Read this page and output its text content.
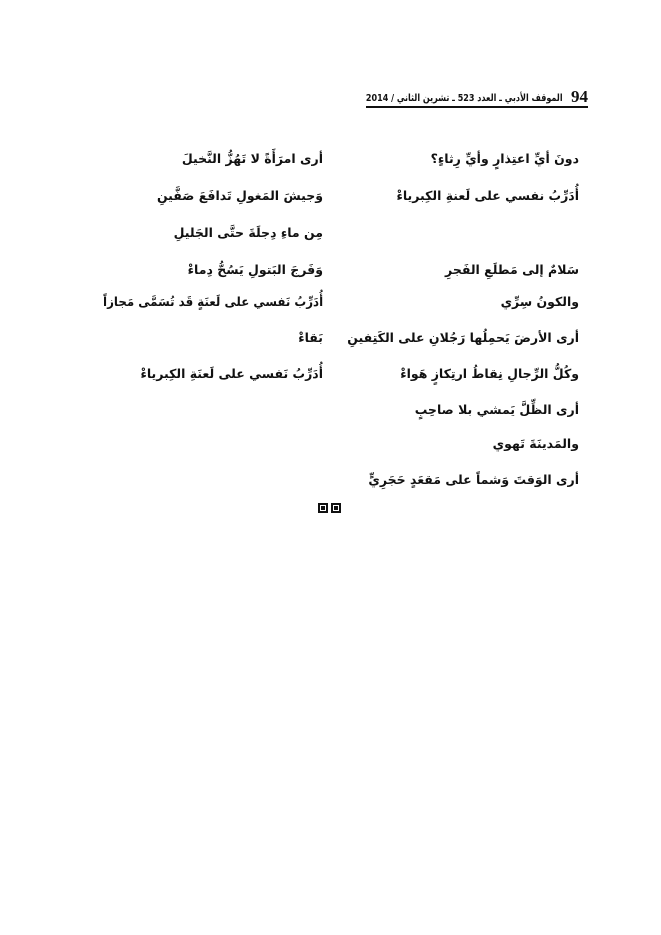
94
الموقف الأدبي ـ العدد 523 ـ تشرين الثاني / 2014
دونَ أيِّ اعتِذارٍ وأيِّ رِثاءٍ؟
أُدَرِّبُ نفسي على لَعنةِ الكِبرياءْ
سَلامٌ إلى مَطلَعِ الفَجرِ
والكونُ سِرِّي
أرى الأرضَ يَحمِلُها رَجُلانِ على الكَتِفينِ
وكُلُّ الرِّجالِ نِقاطُ ارتِكازٍ هَواءْ
أرى الظِّلَّ يَمشي بلا صاحِبٍ
والمَدينَةَ تَهوي
أرى الوَقتَ وَشماً على مَقعَدٍ حَجَرِيٍّ
أرى امرَأَةً لا تَهُزُّ النَّخيلَ
وَجيشَ المَغولِ تَدافَعَ صَفَّينِ
مِن ماءِ دِجلَةَ حتَّى الجَليلِ
وَفَرجَ البَتولِ يَسُحُّ دِماءْ
أُدَرِّبُ نَفسي على لَعنَةٍ قَد تُسَمَّى مَجازاً
بَقاءْ
أُدَرِّبُ نَفسي على لَعنَةِ الكِبرياءْ
